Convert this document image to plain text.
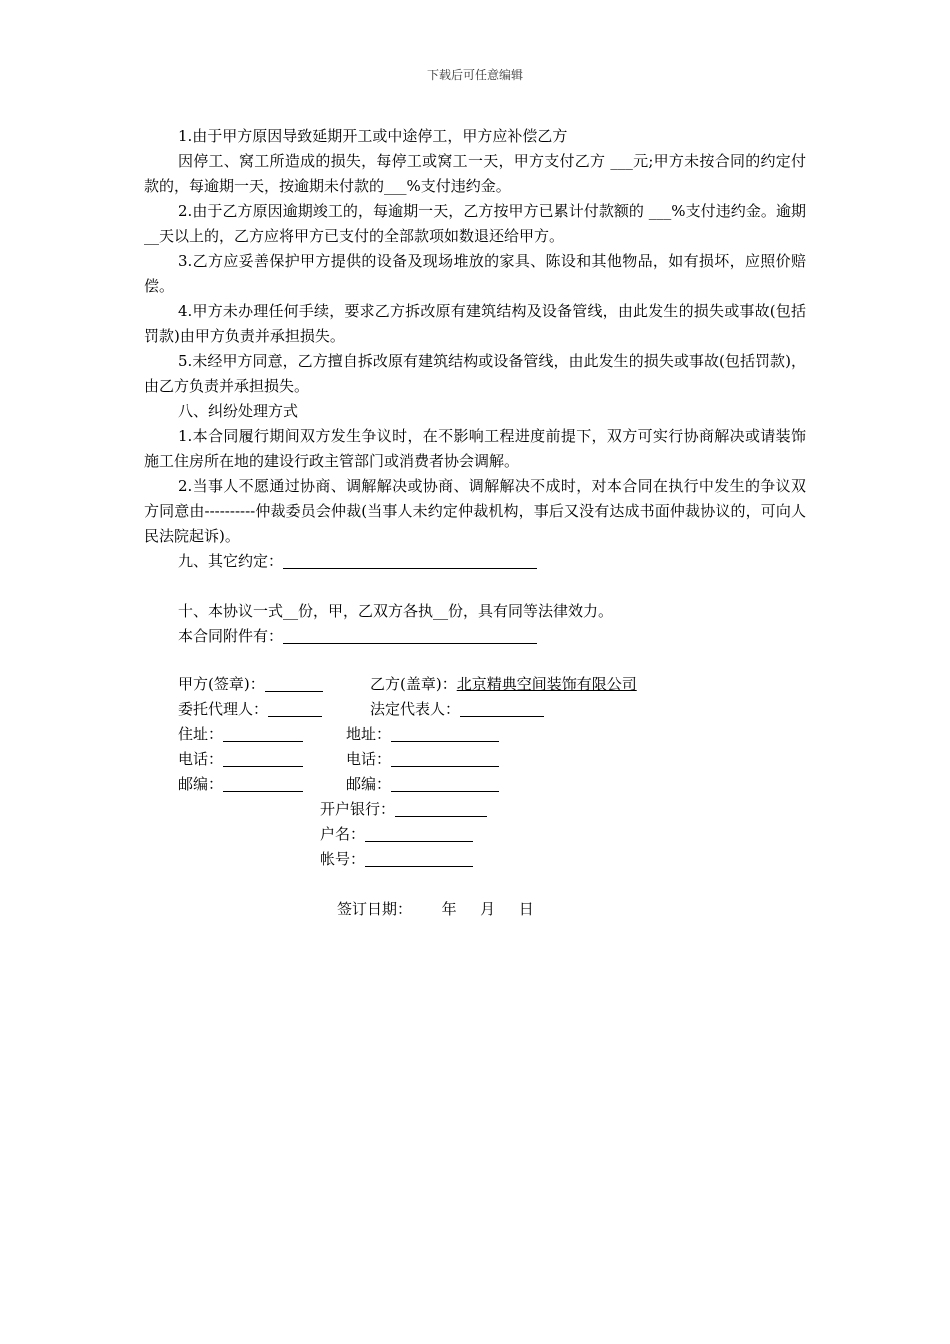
下载后可任意编辑

1.由于甲方原因导致延期开工或中途停工，甲方应补偿乙方

因停工、窝工所造成的损失，每停工或窝工一天，甲方支付乙方 ___元;甲方未按合同的约定付款的，每逾期一天，按逾期未付款的___%支付违约金。

2.由于乙方原因逾期竣工的，每逾期一天，乙方按甲方已累计付款额的 ___%支付违约金。逾期__天以上的，乙方应将甲方已支付的全部款项如数退还给甲方。

3.乙方应妥善保护甲方提供的设备及现场堆放的家具、陈设和其他物品，如有损坏，应照价赔偿。

4.甲方未办理任何手续，要求乙方拆改原有建筑结构及设备管线，由此发生的损失或事故(包括罚款)由甲方负责并承担损失。

5.未经甲方同意，乙方擅自拆改原有建筑结构或设备管线，由此发生的损失或事故(包括罚款)，由乙方负责并承担损失。

八、纠纷处理方式

1.本合同履行期间双方发生争议时，在不影响工程进度前提下，双方可实行协商解决或请装饰施工住房所在地的建设行政主管部门或消费者协会调解。

2.当事人不愿通过协商、调解解决或协商、调解解决不成时，对本合同在执行中发生的争议双方同意由----------仲裁委员会仲裁(当事人未约定仲裁机构，事后又没有达成书面仲裁协议的，可向人民法院起诉)。

九、其它约定：

十、本协议一式__份，甲，乙双方各执__份，具有同等法律效力。

本合同附件有：

甲方(签章)：	乙方(盖章)：北京精典空间装饰有限公司
委托代理人：	法定代表人：
住址：	地址：
电话：	电话：
邮编：	邮编：
开户银行：
户名：
帐号：
签订日期： 年 月 日
